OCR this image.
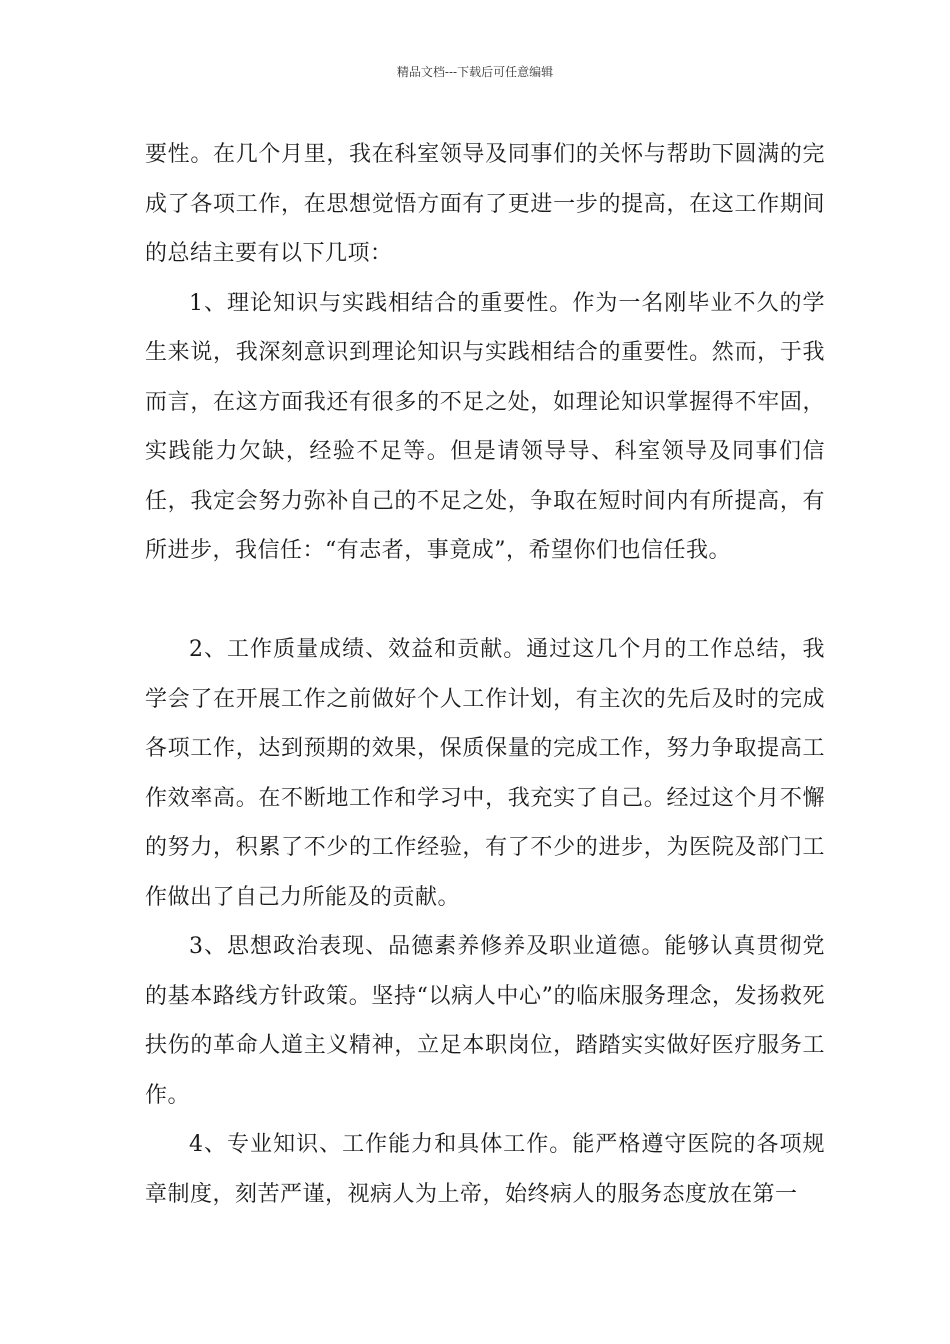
精品文档---下载后可任意编辑

要性。在几个月里，我在科室领导及同事们的关怀与帮助下圆满的完成了各项工作，在思想觉悟方面有了更进一步的提高，在这工作期间的总结主要有以下几项：

1、理论知识与实践相结合的重要性。作为一名刚毕业不久的学生来说，我深刻意识到理论知识与实践相结合的重要性。然而，于我而言，在这方面我还有很多的不足之处，如理论知识掌握得不牢固，实践能力欠缺，经验不足等。但是请领导导、科室领导及同事们信任，我定会努力弥补自己的不足之处，争取在短时间内有所提高，有所进步，我信任：“有志者，事竟成”，希望你们也信任我。

2、工作质量成绩、效益和贡献。通过这几个月的工作总结，我学会了在开展工作之前做好个人工作计划，有主次的先后及时的完成各项工作，达到预期的效果，保质保量的完成工作，努力争取提高工作效率高。在不断地工作和学习中，我充实了自己。经过这个月不懈的努力，积累了不少的工作经验，有了不少的进步，为医院及部门工作做出了自己力所能及的贡献。

3、思想政治表现、品德素养修养及职业道德。能够认真贯彻党的基本路线方针政策。坚持“以病人中心”的临床服务理念，发扬救死扶伤的革命人道主义精神，立足本职岗位，踏踏实实做好医疗服务工作。

4、专业知识、工作能力和具体工作。能严格遵守医院的各项规章制度，刻苦严谨，视病人为上帝，始终病人的服务态度放在第一
